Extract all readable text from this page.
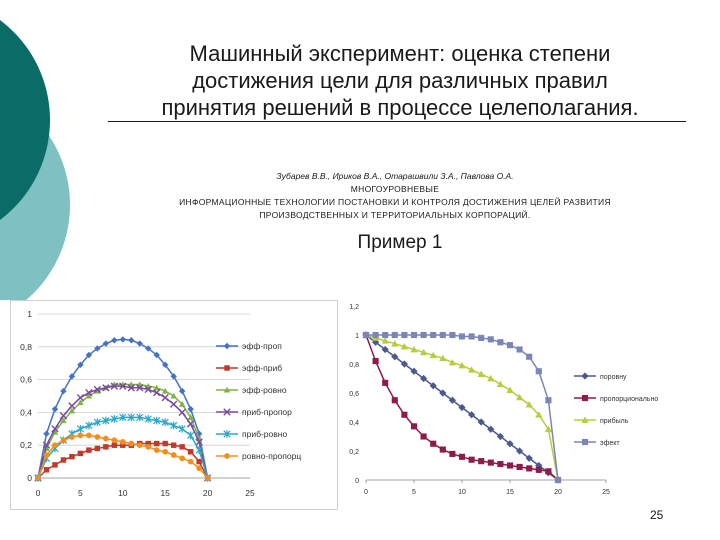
Машинный эксперимент: оценка степени
достижения цели для различных правил
принятия решений в процессе целеполагания.
Зубарев В.В., Ириков В.А., Отарашвили З.А., Павлова О.А.
МНОГОУРОВНЕВЫЕ
ИНФОРМАЦИОННЫЕ ТЕХНОЛОГИИ ПОСТАНОВКИ И КОНТРОЛЯ ДОСТИЖЕНИЯ ЦЕЛЕЙ РАЗВИТИЯ
ПРОИЗВОДСТВЕННЫХ И ТЕРРИТОРИАЛЬНЫХ КОРПОРАЦИЙ.
Пример 1
0
0,2
0,4
0,6
0,8
1
0	5	10	15	20	25
эфф-проп
эфф-приб
эфф-ровно
приб-пропор
приб-ровно
ровно-пропорц
0
0,2
0,4
0,6
0,8
1
1,2
0	5	10	15	20	25
поровну
пропорционально
прибыль
эфект
25
